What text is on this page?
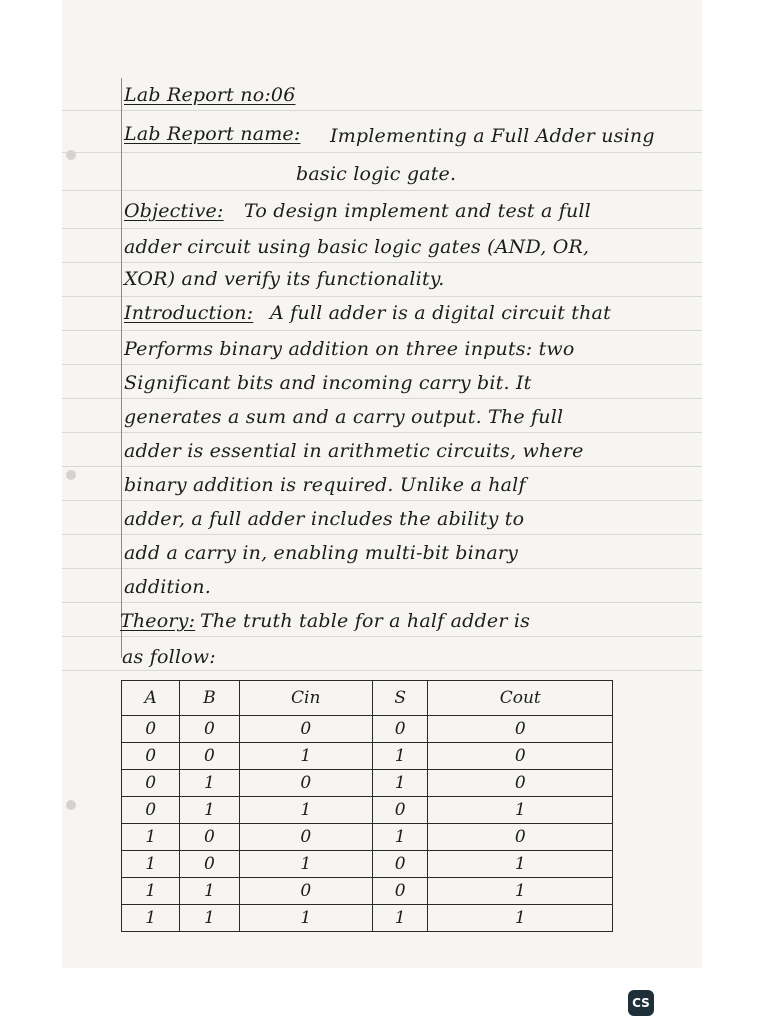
Lab Report no:06
Lab Report name: Implementing a Full Adder using
basic logic gate.
Objective: To design implement and test a full
adder circuit using basic logic gates (AND, OR,
XOR) and verify its functionality.
Introduction: A full adder is a digital circuit that
Performs binary addition on three inputs: two
Significant bits and incoming carry bit. It
generates a sum and a carry output. The full
adder is essential in arithmetic circuits, where
binary addition is required. Unlike a half
adder, a full adder includes the ability to
add a carry in, enabling multi-bit binary
addition.
Theory: The truth table for a half adder is
as follow:
A	B	Cin	S	Cout
0	0	0	0	0
0	0	1	1	0
0	1	0	1	0
0	1	1	0	1
1	0	0	1	0
1	0	1	0	1
1	1	0	0	1
1	1	1	1	1
CS
